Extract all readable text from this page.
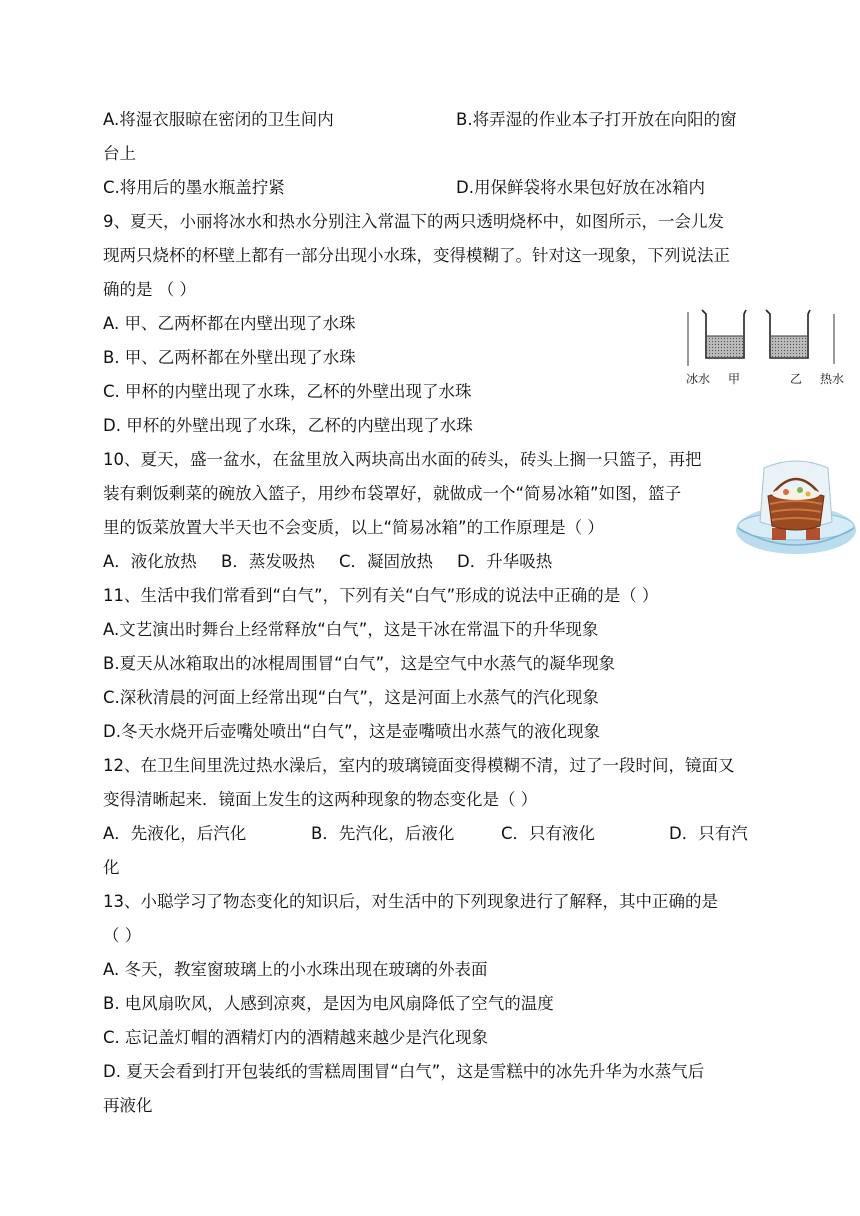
A.将湿衣服晾在密闭的卫生间内	B.将弄湿的作业本子打开放在向阳的窗
台上
C.将用后的墨水瓶盖拧紧	D.用保鲜袋将水果包好放在冰箱内
9、夏天，小丽将冰水和热水分别注入常温下的两只透明烧杯中，如图所示，一会儿发
现两只烧杯的杯壁上都有一部分出现小水珠，变得模糊了。针对这一现象，下列说法正
确的是 （ ）
A. 甲、乙两杯都在内壁出现了水珠
B. 甲、乙两杯都在外壁出现了水珠
C. 甲杯的内壁出现了水珠，乙杯的外壁出现了水珠
D. 甲杯的外壁出现了水珠，乙杯的内壁出现了水珠
冰水 甲	乙 热水
10、夏天，盛一盆水，在盆里放入两块高出水面的砖头，砖头上搁一只篮子，再把
装有剩饭剩菜的碗放入篮子，用纱布袋罩好，就做成一个“简易冰箱”如图，篮子
里的饭菜放置大半天也不会变质，以上“简易冰箱”的工作原理是（ ）
A．液化放热 B．蒸发吸热 C．凝固放热 D．升华吸热
11、生活中我们常看到“白气”，下列有关“白气”形成的说法中正确的是（ ）
A.文艺演出时舞台上经常释放“白气”，这是干冰在常温下的升华现象
B.夏天从冰箱取出的冰棍周围冒“白气”，这是空气中水蒸气的凝华现象
C.深秋清晨的河面上经常出现“白气”，这是河面上水蒸气的汽化现象
D.冬天水烧开后壶嘴处喷出“白气”，这是壶嘴喷出水蒸气的液化现象
12、在卫生间里洗过热水澡后，室内的玻璃镜面变得模糊不清，过了一段时间，镜面又
变得清晰起来．镜面上发生的这两种现象的物态变化是（ ）
A．先液化，后汽化	B．先汽化，后液化	C．只有液化	D．只有汽
化
13、小聪学习了物态变化的知识后，对生活中的下列现象进行了解释，其中正确的是
（ ）
A. 冬天，教室窗玻璃上的小水珠出现在玻璃的外表面
B. 电风扇吹风，人感到凉爽，是因为电风扇降低了空气的温度
C. 忘记盖灯帽的酒精灯内的酒精越来越少是汽化现象
D. 夏天会看到打开包装纸的雪糕周围冒“白气”，这是雪糕中的冰先升华为水蒸气后
再液化
